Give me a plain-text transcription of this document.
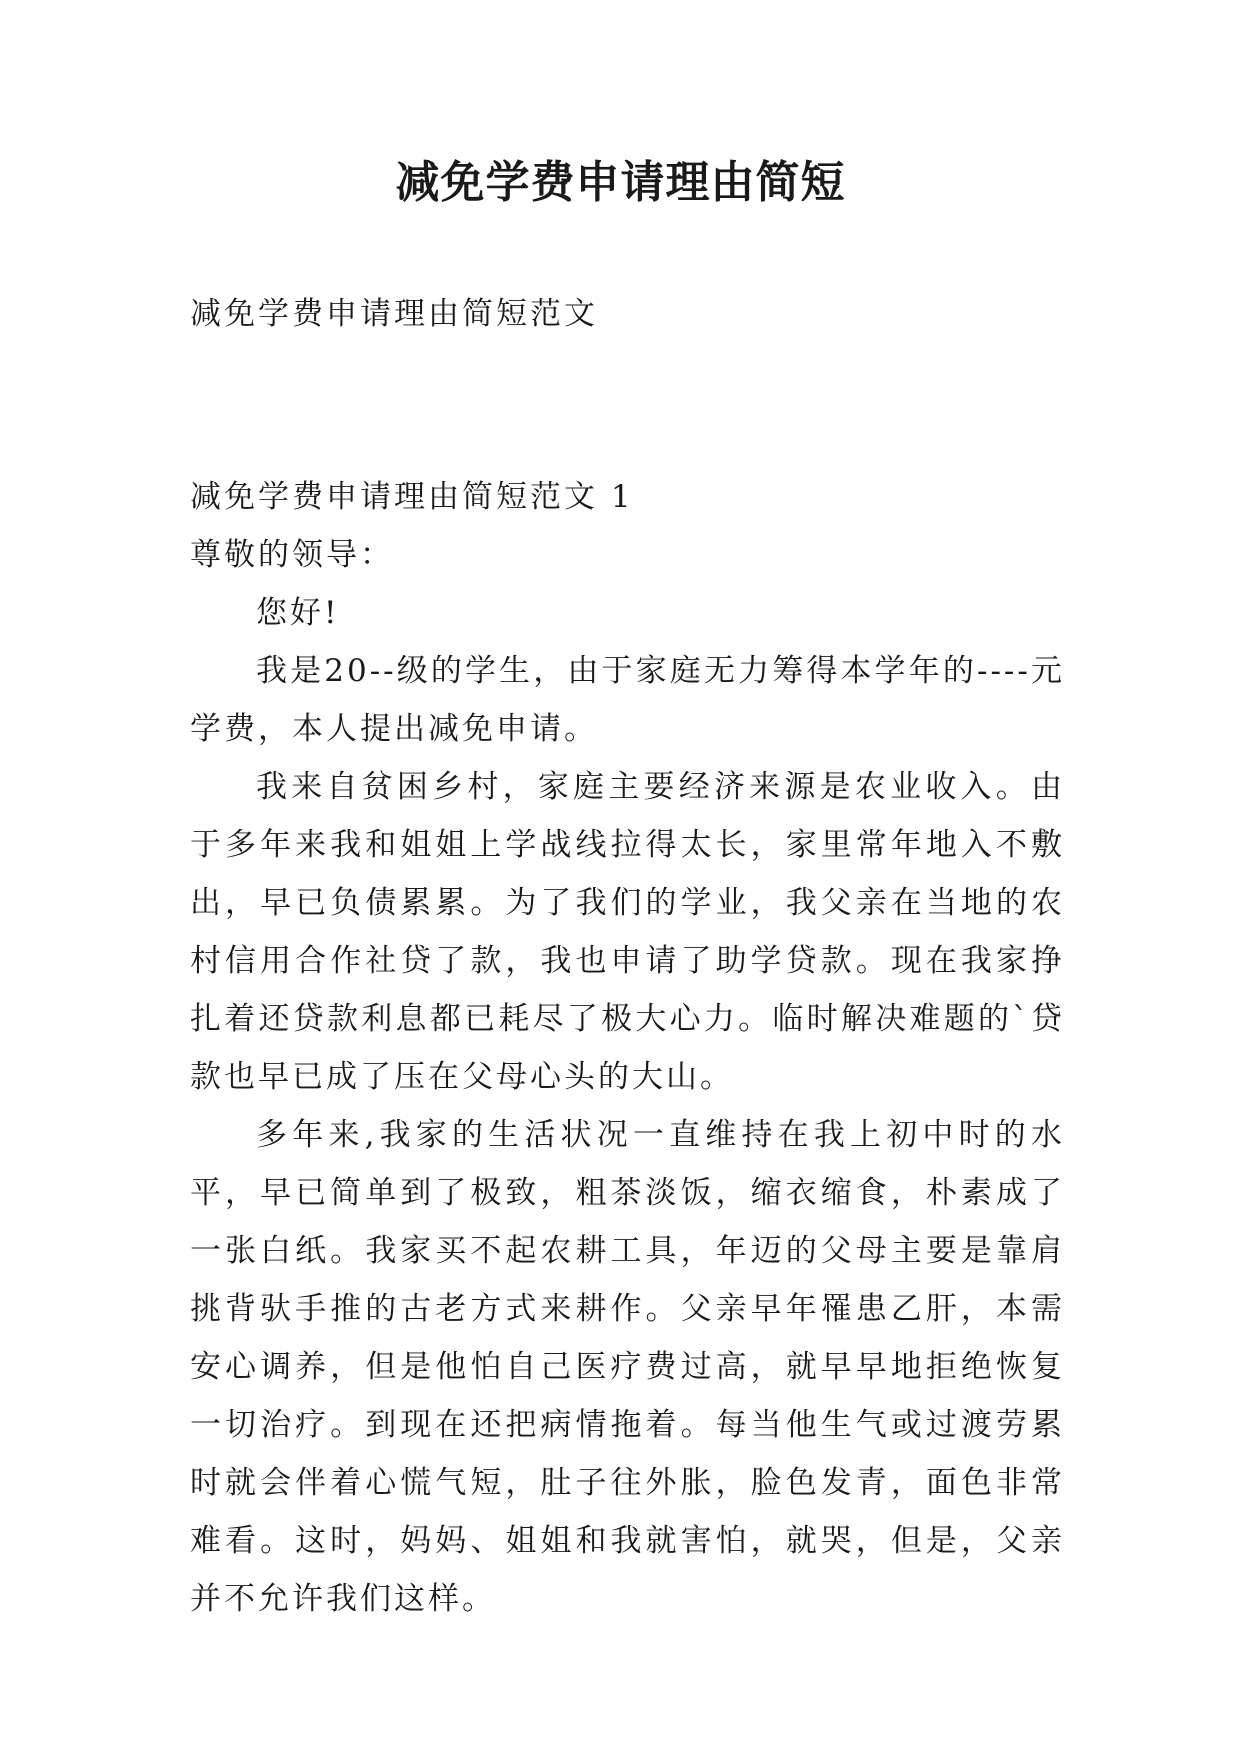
减免学费申请理由简短
减免学费申请理由简短范文

减免学费申请理由简短范文 1

尊敬的领导：

您好!

我是20--级的学生，由于家庭无力筹得本学年的----元学费，本人提出减免申请。

我来自贫困乡村，家庭主要经济来源是农业收入。由于多年来我和姐姐上学战线拉得太长，家里常年地入不敷出，早已负债累累。为了我们的学业，我父亲在当地的农村信用合作社贷了款，我也申请了助学贷款。现在我家挣扎着还贷款利息都已耗尽了极大心力。临时解决难题的`贷款也早已成了压在父母心头的大山。

多年来,我家的生活状况一直维持在我上初中时的水平，早已简单到了极致，粗茶淡饭，缩衣缩食，朴素成了一张白纸。我家买不起农耕工具，年迈的父母主要是靠肩挑背驮手推的古老方式来耕作。父亲早年罹患乙肝，本需安心调养，但是他怕自己医疗费过高，就早早地拒绝恢复一切治疗。到现在还把病情拖着。每当他生气或过渡劳累时就会伴着心慌气短，肚子往外胀，脸色发青，面色非常难看。这时，妈妈、姐姐和我就害怕，就哭，但是，父亲并不允许我们这样。
